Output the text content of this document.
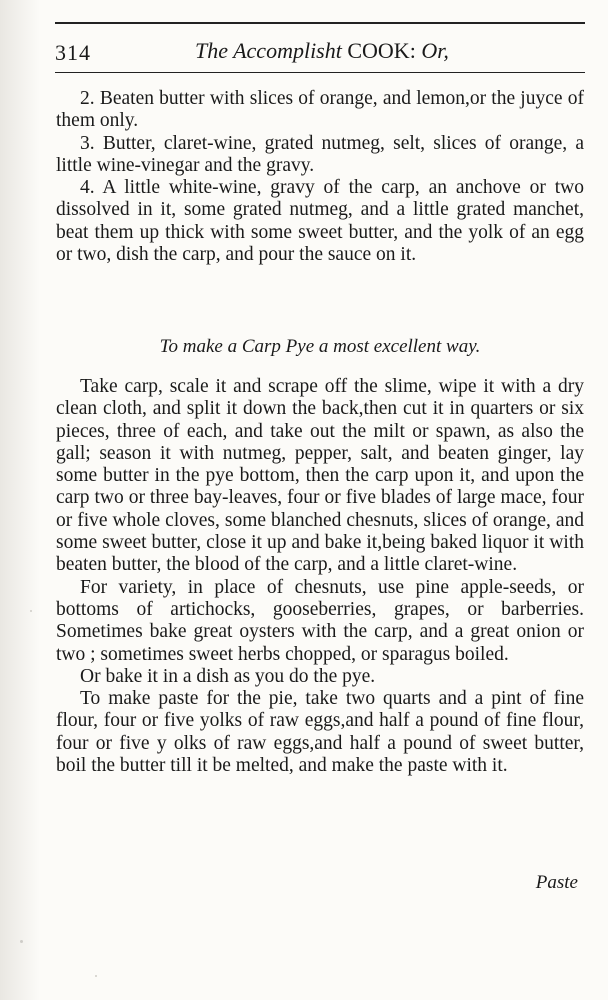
314	The Accomplisht COOK: Or,

2. Beaten butter with slices of orange, and lemon,or the juyce of them only.

3. Butter, claret-wine, grated nutmeg, selt, slices of orange, a little wine-vinegar and the gravy.

4. A little white-wine, gravy of the carp, an anchove or two dissolved in it, some grated nutmeg, and a little grated manchet, beat them up thick with some sweet butter, and the yolk of an egg or two, dish the carp, and pour the sauce on it.

To make a Carp Pye a most excellent way.

Take carp, scale it and scrape off the slime, wipe it with a dry clean cloth, and split it down the back,then cut it in quarters or six pieces, three of each, and take out the milt or spawn, as also the gall; season it with nutmeg, pepper, salt, and beaten ginger, lay some butter in the pye bottom, then the carp upon it, and upon the carp two or three bay-leaves, four or five blades of large mace, four or five whole cloves, some blanched chesnuts, slices of orange, and some sweet butter, close it up and bake it,being baked liquor it with beaten butter, the blood of the carp, and a little claret-wine.

For variety, in place of chesnuts, use pine apple-seeds, or bottoms of artichocks, gooseberries, grapes, or barberries. Sometimes bake great oysters with the carp, and a great onion or two ; sometimes sweet herbs chopped, or sparagus boiled.

Or bake it in a dish as you do the pye.

To make paste for the pie, take two quarts and a pint of fine flour, four or five yolks of raw eggs,and half a pound of fine flour, four or five y olks of raw eggs,and half a pound of sweet butter, boil the butter till it be melted, and make the paste with it.

Paste
